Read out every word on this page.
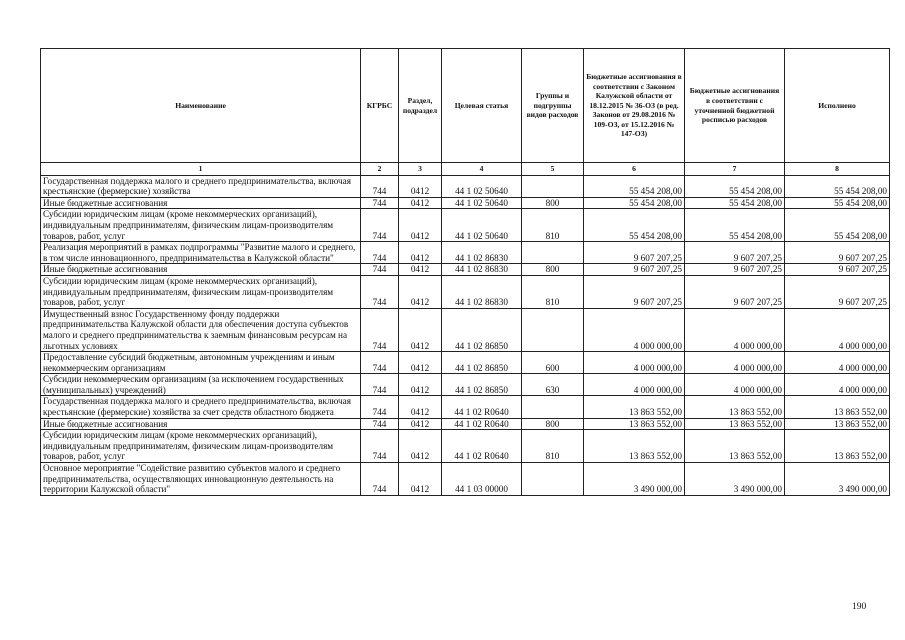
Наименование	КГРБС	Раздел, подраздел	Целевая статья	Группы и подгруппы видов расходов	Бюджетные ассигнования в соответствии с Законом Калужской области от 18.12.2015 № 36-ОЗ (в ред. Законов от 29.08.2016 № 109-ОЗ, от 15.12.2016 № 147-ОЗ)	Бюджетные ассигнования в соответствии с уточненной бюджетной росписью расходов	Исполнено
1	2	3	4	5	6	7	8
Государственная поддержка малого и среднего предпринимательства, включая крестьянские (фермерские) хозяйства	744	0412	44 1 02 50640		55 454 208,00	55 454 208,00	55 454 208,00
Иные бюджетные ассигнования	744	0412	44 1 02 50640	800	55 454 208,00	55 454 208,00	55 454 208,00
Субсидии юридическим лицам (кроме некоммерческих организаций), индивидуальным предпринимателям, физическим лицам-производителям товаров, работ, услуг	744	0412	44 1 02 50640	810	55 454 208,00	55 454 208,00	55 454 208,00
Реализация мероприятий в рамках подпрограммы "Развитие малого и среднего, в том числе инновационного, предпринимательства в Калужской области"	744	0412	44 1 02 86830		9 607 207,25	9 607 207,25	9 607 207,25
Иные бюджетные ассигнования	744	0412	44 1 02 86830	800	9 607 207,25	9 607 207,25	9 607 207,25
Субсидии юридическим лицам (кроме некоммерческих организаций), индивидуальным предпринимателям, физическим лицам-производителям товаров, работ, услуг	744	0412	44 1 02 86830	810	9 607 207,25	9 607 207,25	9 607 207,25
Имущественный взнос Государственному фонду поддержки предпринимательства Калужской области для обеспечения доступа субъектов малого и среднего предпринимательства к заемным финансовым ресурсам на льготных условиях	744	0412	44 1 02 86850		4 000 000,00	4 000 000,00	4 000 000,00
Предоставление субсидий бюджетным, автономным учреждениям и иным некоммерческим организациям	744	0412	44 1 02 86850	600	4 000 000,00	4 000 000,00	4 000 000,00
Субсидии некоммерческим организациям (за исключением государственных (муниципальных) учреждений)	744	0412	44 1 02 86850	630	4 000 000,00	4 000 000,00	4 000 000,00
Государственная поддержка малого и среднего предпринимательства, включая крестьянские (фермерские) хозяйства за счет средств областного бюджета	744	0412	44 1 02 R0640		13 863 552,00	13 863 552,00	13 863 552,00
Иные бюджетные ассигнования	744	0412	44 1 02 R0640	800	13 863 552,00	13 863 552,00	13 863 552,00
Субсидии юридическим лицам (кроме некоммерческих организаций), индивидуальным предпринимателям, физическим лицам-производителям товаров, работ, услуг	744	0412	44 1 02 R0640	810	13 863 552,00	13 863 552,00	13 863 552,00
Основное мероприятие "Содействие развитию субъектов малого и среднего предпринимательства, осуществляющих инновационную деятельность на территории Калужской области"	744	0412	44 1 03 00000		3 490 000,00	3 490 000,00	3 490 000,00
190
